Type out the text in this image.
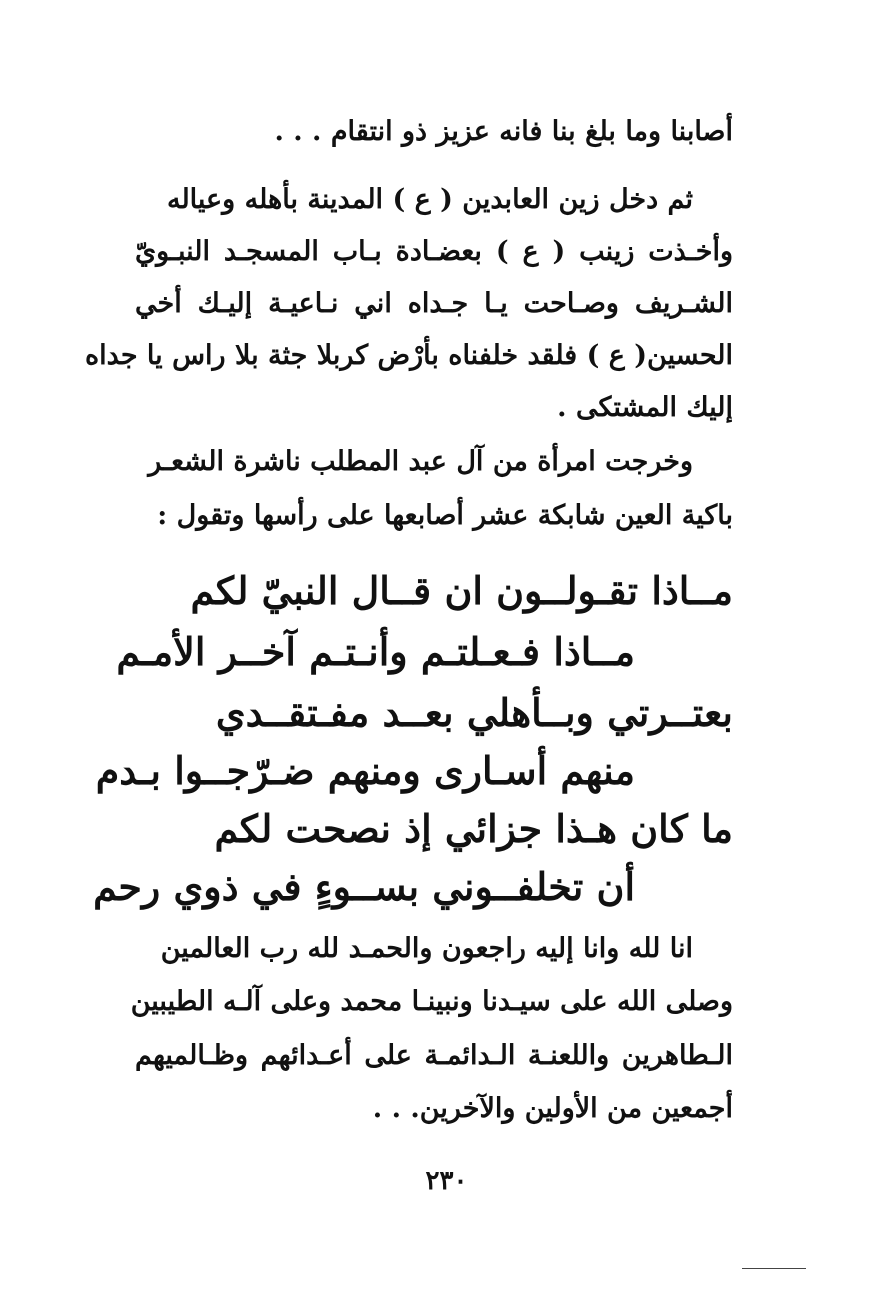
أصابنا وما بلغ بنا فانه عزيز ذو انتقام . . .
ثم دخل زين العابدين ( ع ) المدينة بأهله وعياله
وأخـذت زينب ( ع ) بعضـادة بـاب المسجـد النبـويّ
الشـريف وصـاحت يـا جـداه اني نـاعيـة إليـك أخي
الحسين( ع ) فلقد خلفناه بأرْض كربلا جثة بلا راس يا جداه
إليك المشتكى .
وخرجت امرأة من آل عبد المطلب ناشرة الشعـر
باكية العين شابكة عشر أصابعها على رأسها وتقول :
مــاذا تقـولــون ان قــال النبيّ لكم
مــاذا فـعـلتـم وأنـتـم آخــر الأمـم
بعتــرتي وبــأهلي بعــد مفـتقــدي
منهم أسـارى ومنهم ضـرّجــوا بـدم
ما كان هـذا جزائي إذ نصحت لكم
أن تخلفــوني بســوءٍ في ذوي رحم
انا لله وانا إليه راجعون والحمـد لله رب العالمين
وصلى الله على سيـدنا ونبينـا محمد وعلى آلـه الطيبين
الـطاهرين واللعنـة الـدائمـة على أعـدائهم وظـالميهم
أجمعين من الأولين والآخرين. . .
٢٣٠
